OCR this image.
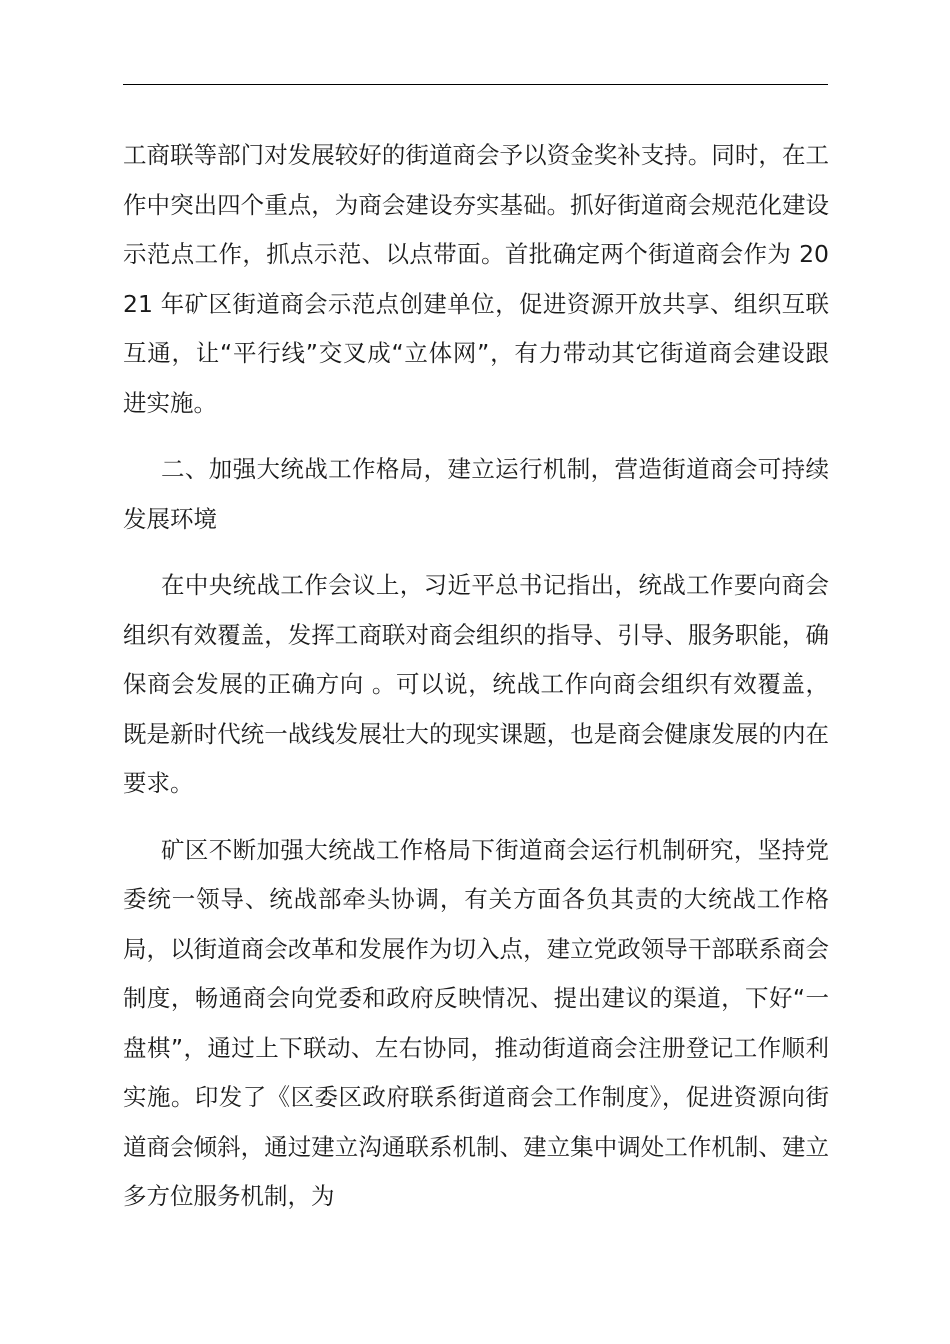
工商联等部门对发展较好的街道商会予以资金奖补支持。同时，在工作中突出四个重点，为商会建设夯实基础。抓好街道商会规范化建设示范点工作，抓点示范、以点带面。首批确定两个街道商会作为 2021 年矿区街道商会示范点创建单位，促进资源开放共享、组织互联互通，让“平行线”交叉成“立体网”，有力带动其它街道商会建设跟进实施。

二、加强大统战工作格局，建立运行机制，营造街道商会可持续发展环境

在中央统战工作会议上，习近平总书记指出，统战工作要向商会组织有效覆盖，发挥工商联对商会组织的指导、引导、服务职能，确保商会发展的正确方向 。可以说，统战工作向商会组织有效覆盖，既是新时代统一战线发展壮大的现实课题，也是商会健康发展的内在要求。

矿区不断加强大统战工作格局下街道商会运行机制研究，坚持党委统一领导、统战部牵头协调，有关方面各负其责的大统战工作格局，以街道商会改革和发展作为切入点，建立党政领导干部联系商会制度，畅通商会向党委和政府反映情况、提出建议的渠道，下好“一盘棋”，通过上下联动、左右协同，推动街道商会注册登记工作顺利实施。印发了《区委区政府联系街道商会工作制度》，促进资源向街道商会倾斜，通过建立沟通联系机制、建立集中调处工作机制、建立多方位服务机制，为
